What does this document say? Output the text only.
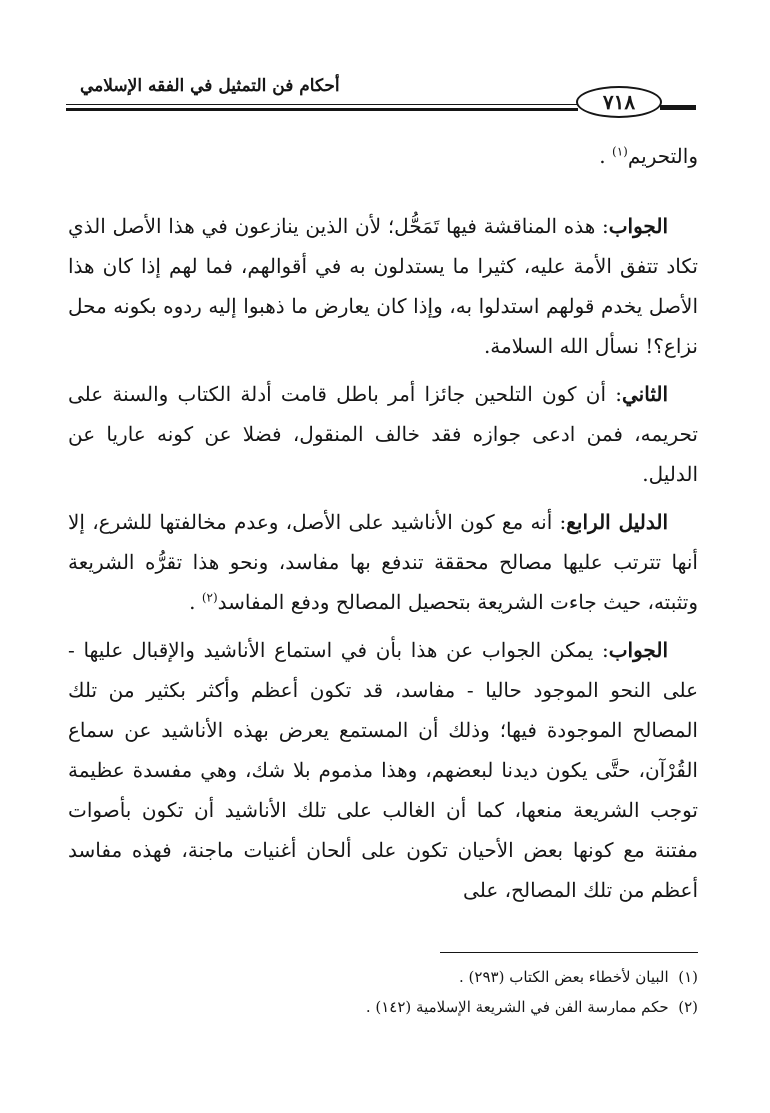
أحكام فن التمثيل في الفقه الإسلامي
٧١٨

والتحريم$^{(١)}$ .

الجواب: هذه المناقشة فيها تَمَحُّل؛ لأن الذين ينازعون في هذا الأصل الذي تكاد تتفق الأمة عليه، كثيرا ما يستدلون به في أقوالهم، فما لهم إذا كان هذا الأصل يخدم قولهم استدلوا به، وإذا كان يعارض ما ذهبوا إليه ردوه بكونه محل نزاع؟! نسأل الله السلامة.

الثاني: أن كون التلحين جائزا أمر باطل قامت أدلة الكتاب والسنة على تحريمه، فمن ادعى جوازه فقد خالف المنقول، فضلا عن كونه عاريا عن الدليل.

الدليل الرابع: أنه مع كون الأناشيد على الأصل، وعدم مخالفتها للشرع، إلا أنها تترتب عليها مصالح محققة تندفع بها مفاسد، ونحو هذا تقرُّه الشريعة وتثبته، حيث جاءت الشريعة بتحصيل المصالح ودفع المفاسد$^{(٢)}$ .

الجواب: يمكن الجواب عن هذا بأن في استماع الأناشيد والإقبال عليها - على النحو الموجود حاليا - مفاسد، قد تكون أعظم وأكثر بكثير من تلك المصالح الموجودة فيها؛ وذلك أن المستمع يعرض بهذه الأناشيد عن سماع القُرْآن، حتَّى يكون ديدنا لبعضهم، وهذا مذموم بلا شك، وهي مفسدة عظيمة توجب الشريعة منعها، كما أن الغالب على تلك الأناشيد أن تكون بأصوات مفتنة مع كونها بعض الأحيان تكون على ألحان أغنيات ماجنة، فهذه مفاسد أعظم من تلك المصالح، على

(١)  البيان لأخطاء بعض الكتاب (٢٩٣) .
(٢)  حكم ممارسة الفن في الشريعة الإسلامية (١٤٢) .
